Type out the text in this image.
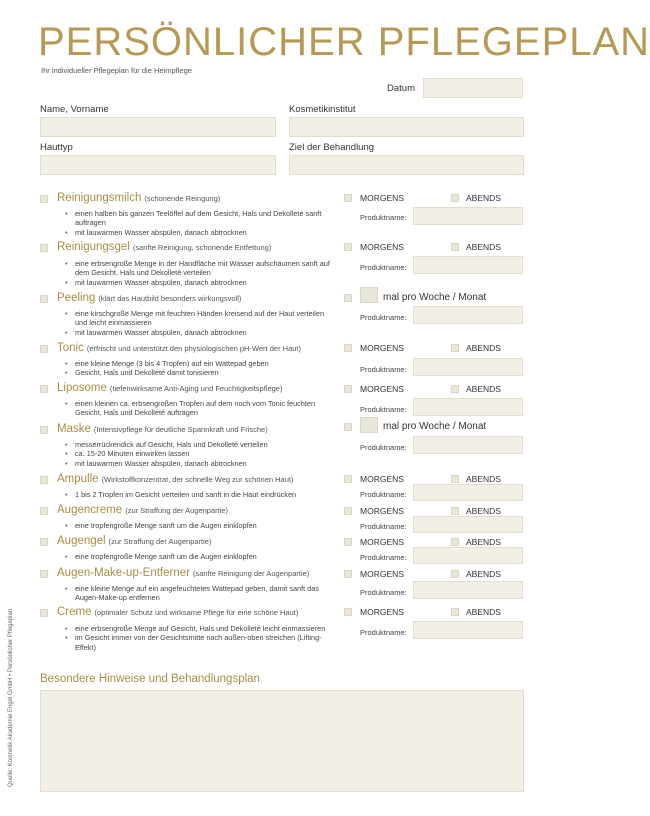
PERSÖNLICHER PFLEGEPLAN
Ihr individueller Pflegeplan für die Heimpflege
Datum
Name, Vorname	Kosmetikinstitut
Hauttyp	Ziel der Behandlung
Reinigungsmilch (schonende Reingung)
• einen halben bis ganzen Teelöffel auf dem Gesicht, Hals und Dekolleté sanft auftragen
• mit lauwarmen Wasser abspülen, danach abtrocknen
MORGENS	ABENDS
Produktname:
Reinigungsgel (sanfte Reinigung, schonende Entfettung)
• eine erbsengroße Menge in der Handfläche mit Wasser aufschäumen sanft auf dem Gesicht, Hals und Dekolleté verteilen
• mit lauwarmen Wasser abspülen, danach abtrocknen
MORGENS	ABENDS
Produktname:
Peeling (klärt das Hautbild besonders wirkungsvoll)
• eine kirschgroße Menge mit feuchten Händen kreisend auf der Haut verteilen und leicht einmassieren
• mit lauwarmen Wasser abspülen, danach abtrocknen
mal pro Woche / Monat
Produktname:
Tonic (erfrischt und unterstützt den physiologischen pH-Wert der Haut)
• eine kleine Menge (3 bis 4 Tropfen) auf ein Wattepad geben
• Gesicht, Hals und Dekolleté damit tonisieren
MORGENS	ABENDS
Produktname:
Liposome (tiefenwirksame Anti-Aging und Feuchtigkeitspflege)
• einen kleinen ca. erbsengroßen Tropfen auf dem noch vom Tonic feuchten Gesicht, Hals und Dekolleté auftragen
MORGENS	ABENDS
Produktname:
Maske (Intensivpflege für deutliche Spannkraft und Frische)
• messerrückendick auf Gesicht, Hals und Dekolleté verteilen
• ca. 15-20 Minuten einwirken lassen
• mit lauwarmen Wasser abspülen, danach abtrocknen
mal pro Woche / Monat
Produktname:
Ampulle (Wirkstoffkonzentrat, der schnelle Weg zur schönen Haut)
• 1 bis 2 Tropfen im Gesicht verteilen und sanft in die Haut eindrücken
MORGENS	ABENDS
Produktname:
Augencreme (zur Straffung der Augenpartie)
• eine tropfengroße Menge sanft um die Augen einklopfen
MORGENS	ABENDS
Produktname:
Augengel (zur Straffung der Augenpartie)
• eine tropfengroße Menge sanft um die Augen einklopfen
MORGENS	ABENDS
Produktname:
Augen-Make-up-Entferner (sanfte Reinigung der Augenpartie)
• eine kleine Menge auf ein angefeuchtetes Wattepad geben, damit sanft das Augen-Make-up entfernen
MORGENS	ABENDS
Produktname:
Creme (optimaler Schutz und wirksame Pflege für eine schöne Haut)
• eine erbsengroße Menge auf Gesicht, Hals und Dekolleté leicht einmassieren
• im Gesicht immer von der Gesichtsmitte nach außen-oben streichen (Lifting-Effekt)
MORGENS	ABENDS
Produktname:
Besondere Hinweise und Behandlungsplan
Quelle: Kosmetik Akademie Engel GmbH • Persönlicher Pflegeplan
